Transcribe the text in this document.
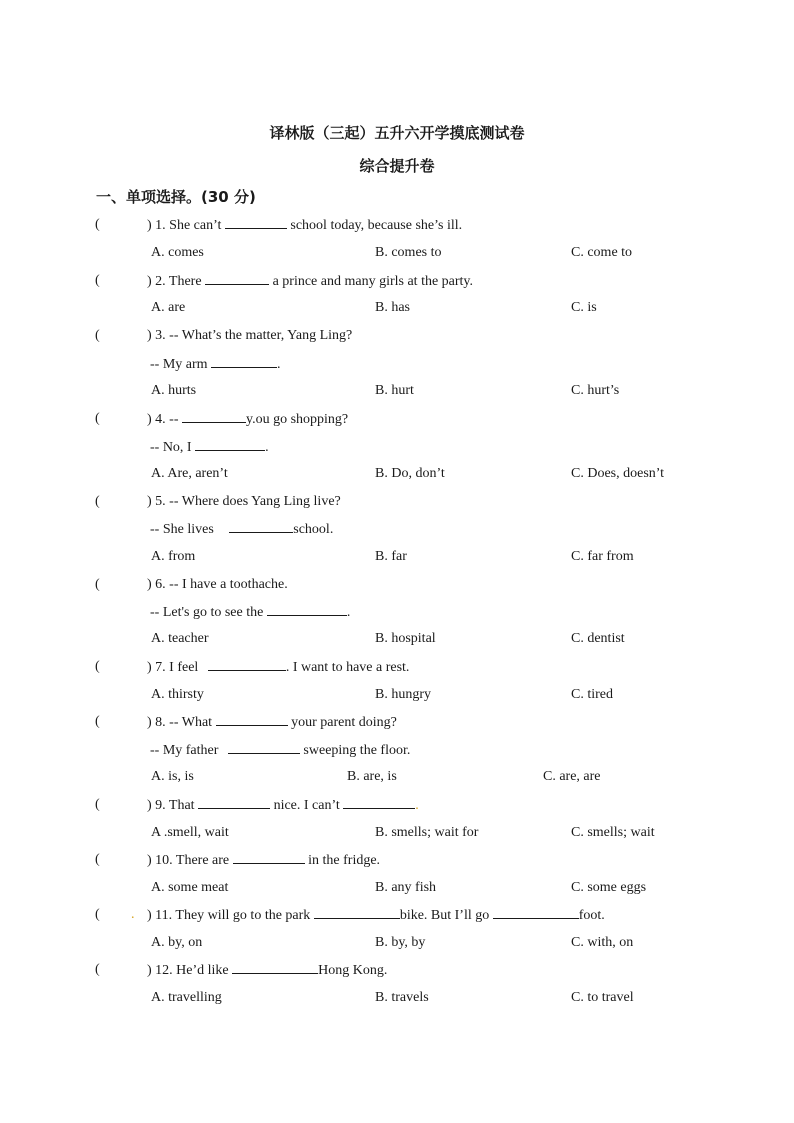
译林版（三起）五升六开学摸底测试卷
综合提升卷
一、单项选择。(30 分)
(	) 1. She can’t	school today, because she’s ill.
A. comes	B. comes to	C. come to
(	) 2. There	a prince and many girls at the party.
A. are	B. has	C. is
(	) 3. -- What’s the matter, Yang Ling?
-- My arm	.
A. hurts	B. hurt	C. hurt’s
(	) 4. --	y.ou go shopping?
-- No, I	.
A. Are, aren’t	B. Do, don’t	C. Does, doesn’t
(	) 5. -- Where does Yang Ling live?
-- She lives	school.
A. from	B. far	C. far from
(	) 6. -- I have a toothache.
-- Let's go to see the	.
A. teacher	B. hospital	C. dentist
(	) 7. I feel	. I want to have a rest.
A. thirsty	B. hungry	C. tired
(	) 8. -- What	your parent doing?
-- My father	sweeping the floor.
A. is, is	B. are, is	C. are, are
(	) 9. That	nice. I can’t	.
A .smell, wait	B. smells; wait for	C. smells; wait
(	) 10. There are	in the fridge.
A. some meat	B. any fish	C. some eggs
( . ) 11. They will go to the park	bike. But I’ll go	foot.
A. by, on	B. by, by	C. with, on
(	) 12. He’d like	Hong Kong.
A. travelling	B. travels	C. to travel
